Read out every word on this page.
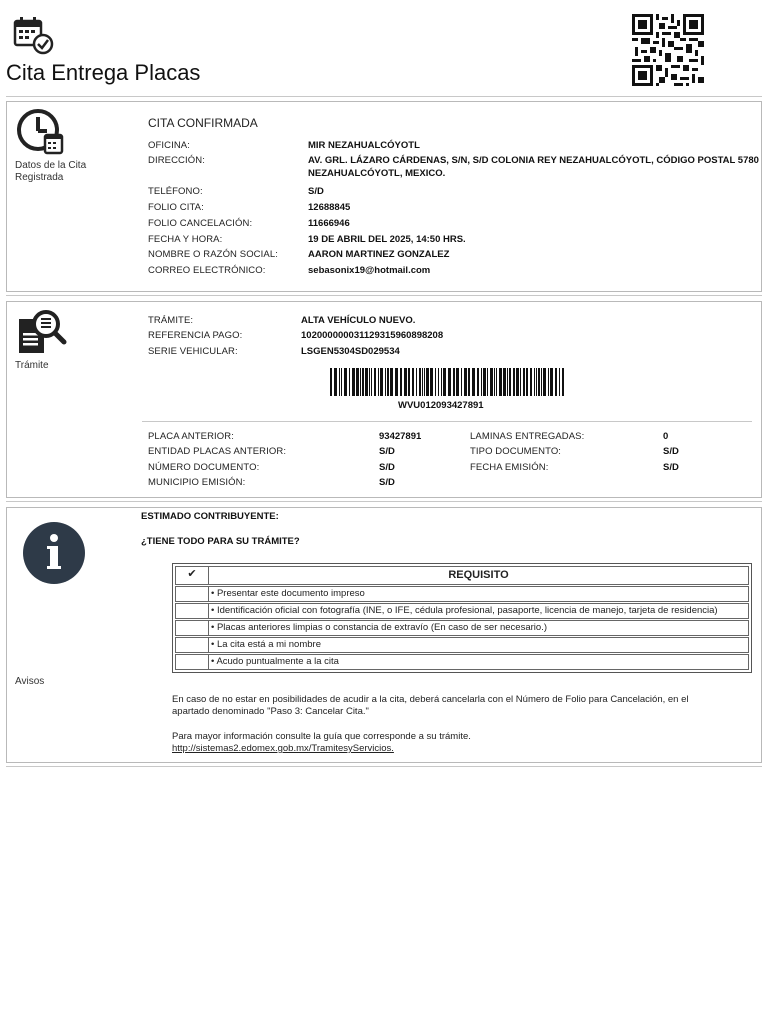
Cita Entrega Placas
Datos de la Cita Registrada
CITA CONFIRMADA
OFICINA:	MIR NEZAHUALCÓYOTL
DIRECCIÓN:	AV. GRL. LÁZARO CÁRDENAS, S/N, S/D COLONIA REY NEZAHUALCÓYOTL, CÓDIGO POSTAL 5780
NEZAHUALCÓYOTL, MEXICO.
TELÉFONO:	S/D
FOLIO CITA:	12688845
FOLIO CANCELACIÓN:	11666946
FECHA Y HORA:	19 DE ABRIL DEL 2025, 14:50 HRS.
NOMBRE O RAZÓN SOCIAL:	AARON MARTINEZ GONZALEZ
CORREO ELECTRÓNICO:	sebasonix19@hotmail.com
Trámite
TRÁMITE:	ALTA VEHÍCULO NUEVO.
REFERENCIA PAGO:	10200000003112931596089820​8
SERIE VEHICULAR:	LSGEN5304SD029534
WVU012093427891
PLACA ANTERIOR:	93427891
ENTIDAD PLACAS ANTERIOR:	S/D
NÚMERO DOCUMENTO:	S/D
MUNICIPIO EMISIÓN:	S/D
LAMINAS ENTREGADAS:	0
TIPO DOCUMENTO:	S/D
FECHA EMISIÓN:	S/D
Avisos
ESTIMADO CONTRIBUYENTE:
¿TIENE TODO PARA SU TRÁMITE?
✔	REQUISITO
• Presentar este documento impreso
• Identificación oficial con fotografía (INE, o IFE, cédula profesional, pasaporte, licencia de manejo, tarjeta de residencia)
• Placas anteriores limpias o constancia de extravío (En caso de ser necesario.)
• La cita está a mi nombre
• Acudo puntualmente a la cita
En caso de no estar en posibilidades de acudir a la cita, deberá cancelarla con el Número de Folio para Cancelación, en el apartado denominado "Paso 3: Cancelar Cita."
Para mayor información consulte la guía que corresponde a su trámite.
http://sistemas2.edomex.gob.mx/TramitesyServicios.
